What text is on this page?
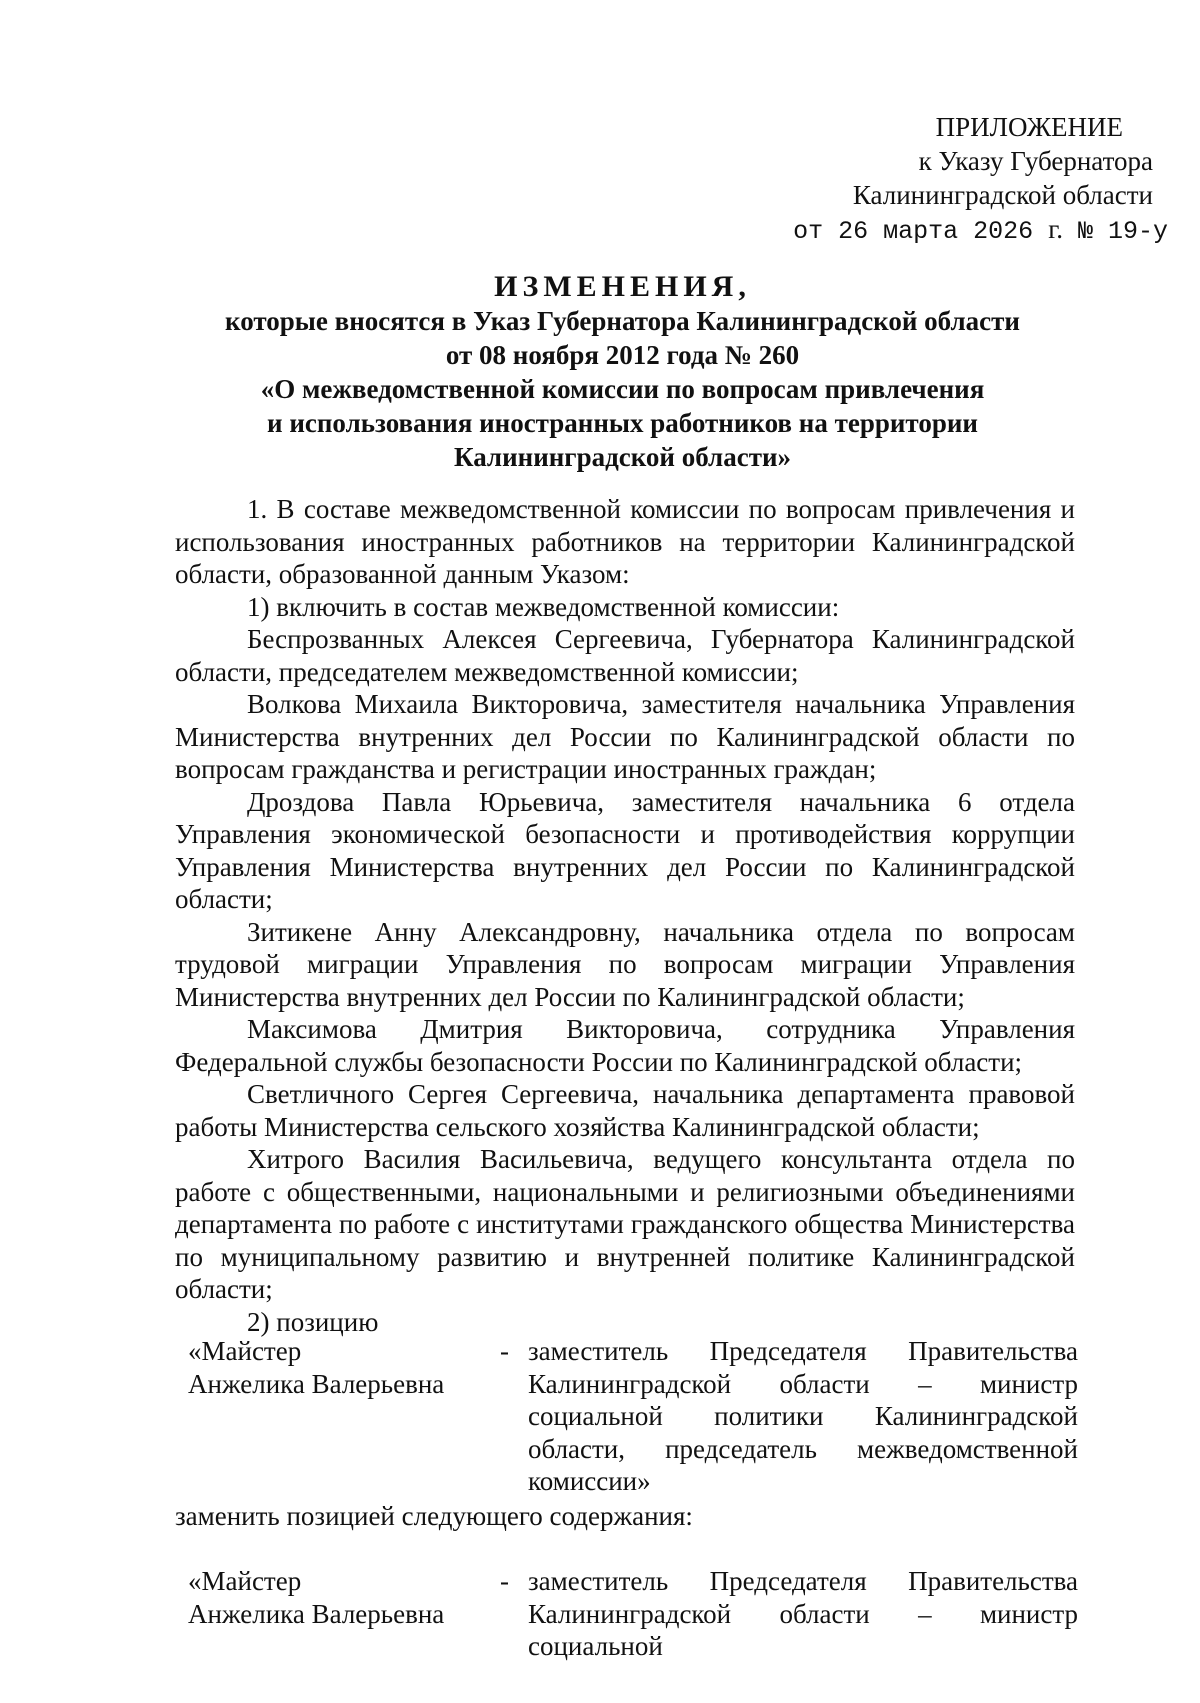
ПРИЛОЖЕНИЕ
к Указу Губернатора
Калининградской области
от 26 марта 2026 г. № 19-у
ИЗМЕНЕНИЯ,
которые вносятся в Указ Губернатора Калининградской области
от 08 ноября 2012 года № 260
«О межведомственной комиссии по вопросам привлечения
и использования иностранных работников на территории
Калининградской области»

1. В составе межведомственной комиссии по вопросам привлечения и использования иностранных работников на территории Калининградской области, образованной данным Указом:

1) включить в состав межведомственной комиссии:

Беспрозванных Алексея Сергеевича, Губернатора Калининградской области, председателем межведомственной комиссии;

Волкова Михаила Викторовича, заместителя начальника Управления Министерства внутренних дел России по Калининградской области по вопросам гражданства и регистрации иностранных граждан;

Дроздова Павла Юрьевича, заместителя начальника 6 отдела Управления экономической безопасности и противодействия коррупции Управления Министерства внутренних дел России по Калининградской области;

Зитикене Анну Александровну, начальника отдела по вопросам трудовой миграции Управления по вопросам миграции Управления Министерства внутренних дел России по Калининградской области;

Максимова Дмитрия Викторовича, сотрудника Управления Федеральной службы безопасности России по Калининградской области;

Светличного Сергея Сергеевича, начальника департамента правовой работы Министерства сельского хозяйства Калининградской области;

Хитрого Василия Васильевича, ведущего консультанта отдела по работе с общественными, национальными и религиозными объединениями департамента по работе с институтами гражданского общества Министерства по муниципальному развитию и внутренней политике Калининградской области;

2) позицию

«Майстер
Анжелика Валерьевна
- заместитель Председателя Правительства Калининградской области – министр социальной политики Калининградской области, председатель межведомственной комиссии»
заменить позицией следующего содержания:
«Майстер
Анжелика Валерьевна
- заместитель Председателя Правительства Калининградской области – министр социальной
